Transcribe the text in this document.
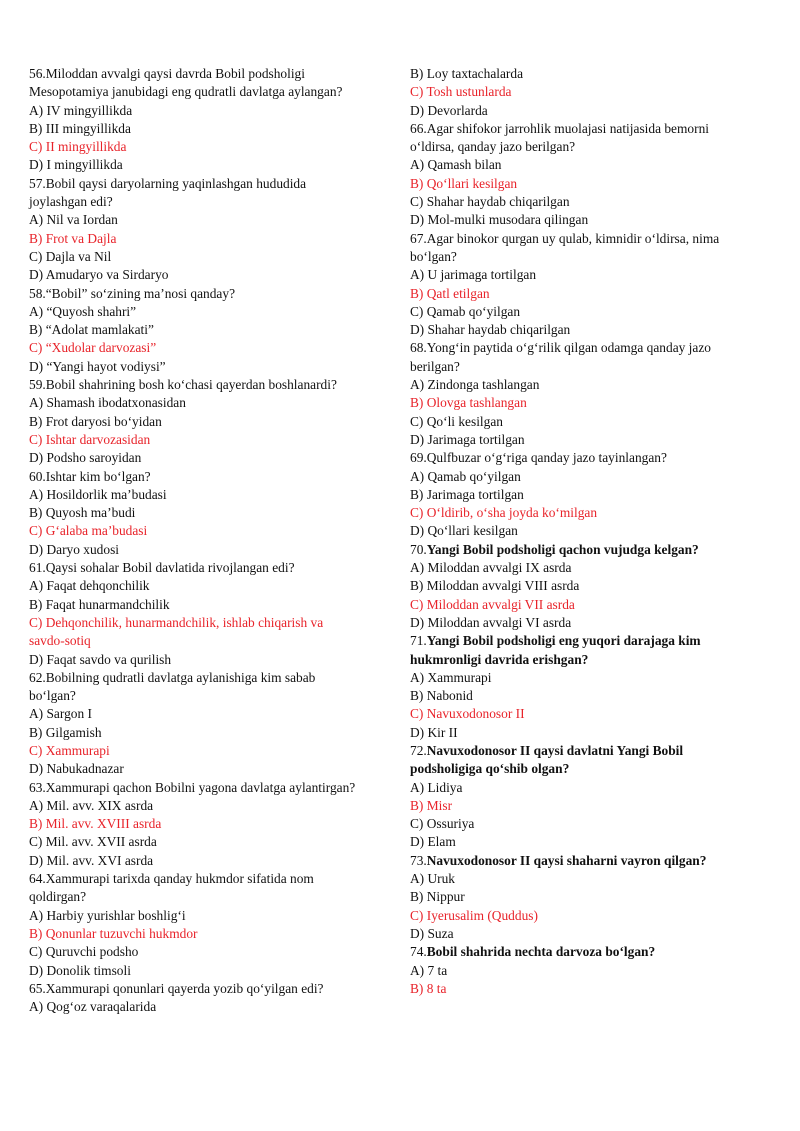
56.Miloddan avvalgi qaysi davrda Bobil podsholigi
Mesopotamiya janubidagi eng qudratli davlatga aylangan?
A) IV mingyillikda
B) III mingyillikda
C) II mingyillikda
D) I mingyillikda
57.Bobil qaysi daryolarning yaqinlashgan hududida
joylashgan edi?
A) Nil va Iordan
B) Frot va Dajla
C) Dajla va Nil
D) Amudaryo va Sirdaryo
58.“Bobil” so‘zining ma’nosi qanday?
A) “Quyosh shahri”
B) “Adolat mamlakati”
C) “Xudolar darvozasi”
D) “Yangi hayot vodiysi”
59.Bobil shahrining bosh ko‘chasi qayerdan boshlanardi?
A) Shamash ibodatxonasidan
B) Frot daryosi bo‘yidan
C) Ishtar darvozasidan
D) Podsho saroyidan
60.Ishtar kim bo‘lgan?
A) Hosildorlik ma’budasi
B) Quyosh ma’budi
C) G‘alaba ma’budasi
D) Daryo xudosi
61.Qaysi sohalar Bobil davlatida rivojlangan edi?
A) Faqat dehqonchilik
B) Faqat hunarmandchilik
C) Dehqonchilik, hunarmandchilik, ishlab chiqarish va
savdo-sotiq
D) Faqat savdo va qurilish
62.Bobilning qudratli davlatga aylanishiga kim sabab
bo‘lgan?
A) Sargon I
B) Gilgamish
C) Xammurapi
D) Nabukadnazar
63.Xammurapi qachon Bobilni yagona davlatga aylantirgan?
A) Mil. avv. XIX asrda
B) Mil. avv. XVIII asrda
C) Mil. avv. XVII asrda
D) Mil. avv. XVI asrda
64.Xammurapi tarixda qanday hukmdor sifatida nom
qoldirgan?
A) Harbiy yurishlar boshlig‘i
B) Qonunlar tuzuvchi hukmdor
C) Quruvchi podsho
D) Donolik timsoli
65.Xammurapi qonunlari qayerda yozib qo‘yilgan edi?
A) Qog‘oz varaqalarida
B) Loy taxtachalarda
C) Tosh ustunlarda
D) Devorlarda
66.Agar shifokor jarrohlik muolajasi natijasida bemorni
o‘ldirsa, qanday jazo berilgan?
A) Qamash bilan
B) Qo‘llari kesilgan
C) Shahar haydab chiqarilgan
D) Mol-mulki musodara qilingan
67.Agar binokor qurgan uy qulab, kimnidir o‘ldirsa, nima
bo‘lgan?
A) U jarimaga tortilgan
B) Qatl etilgan
C) Qamab qo‘yilgan
D) Shahar haydab chiqarilgan
68.Yong‘in paytida o‘g‘rilik qilgan odamga qanday jazo
berilgan?
A) Zindonga tashlangan
B) Olovga tashlangan
C) Qo‘li kesilgan
D) Jarimaga tortilgan
69.Qulfbuzar o‘g‘riga qanday jazo tayinlangan?
A) Qamab qo‘yilgan
B) Jarimaga tortilgan
C) O‘ldirib, o‘sha joyda ko‘milgan
D) Qo‘llari kesilgan
70.Yangi Bobil podsholigi qachon vujudga kelgan?
A) Miloddan avvalgi IX asrda
B) Miloddan avvalgi VIII asrda
C) Miloddan avvalgi VII asrda
D) Miloddan avvalgi VI asrda
71.Yangi Bobil podsholigi eng yuqori darajaga kim
hukmronligi davrida erishgan?
A) Xammurapi
B) Nabonid
C) Navuxodonosor II
D) Kir II
72.Navuxodonosor II qaysi davlatni Yangi Bobil
podsholigiga qo‘shib olgan?
A) Lidiya
B) Misr
C) Ossuriya
D) Elam
73.Navuxodonosor II qaysi shaharni vayron qilgan?
A) Uruk
B) Nippur
C) Iyerusalim (Quddus)
D) Suza
74.Bobil shahrida nechta darvoza bo‘lgan?
A) 7 ta
B) 8 ta
